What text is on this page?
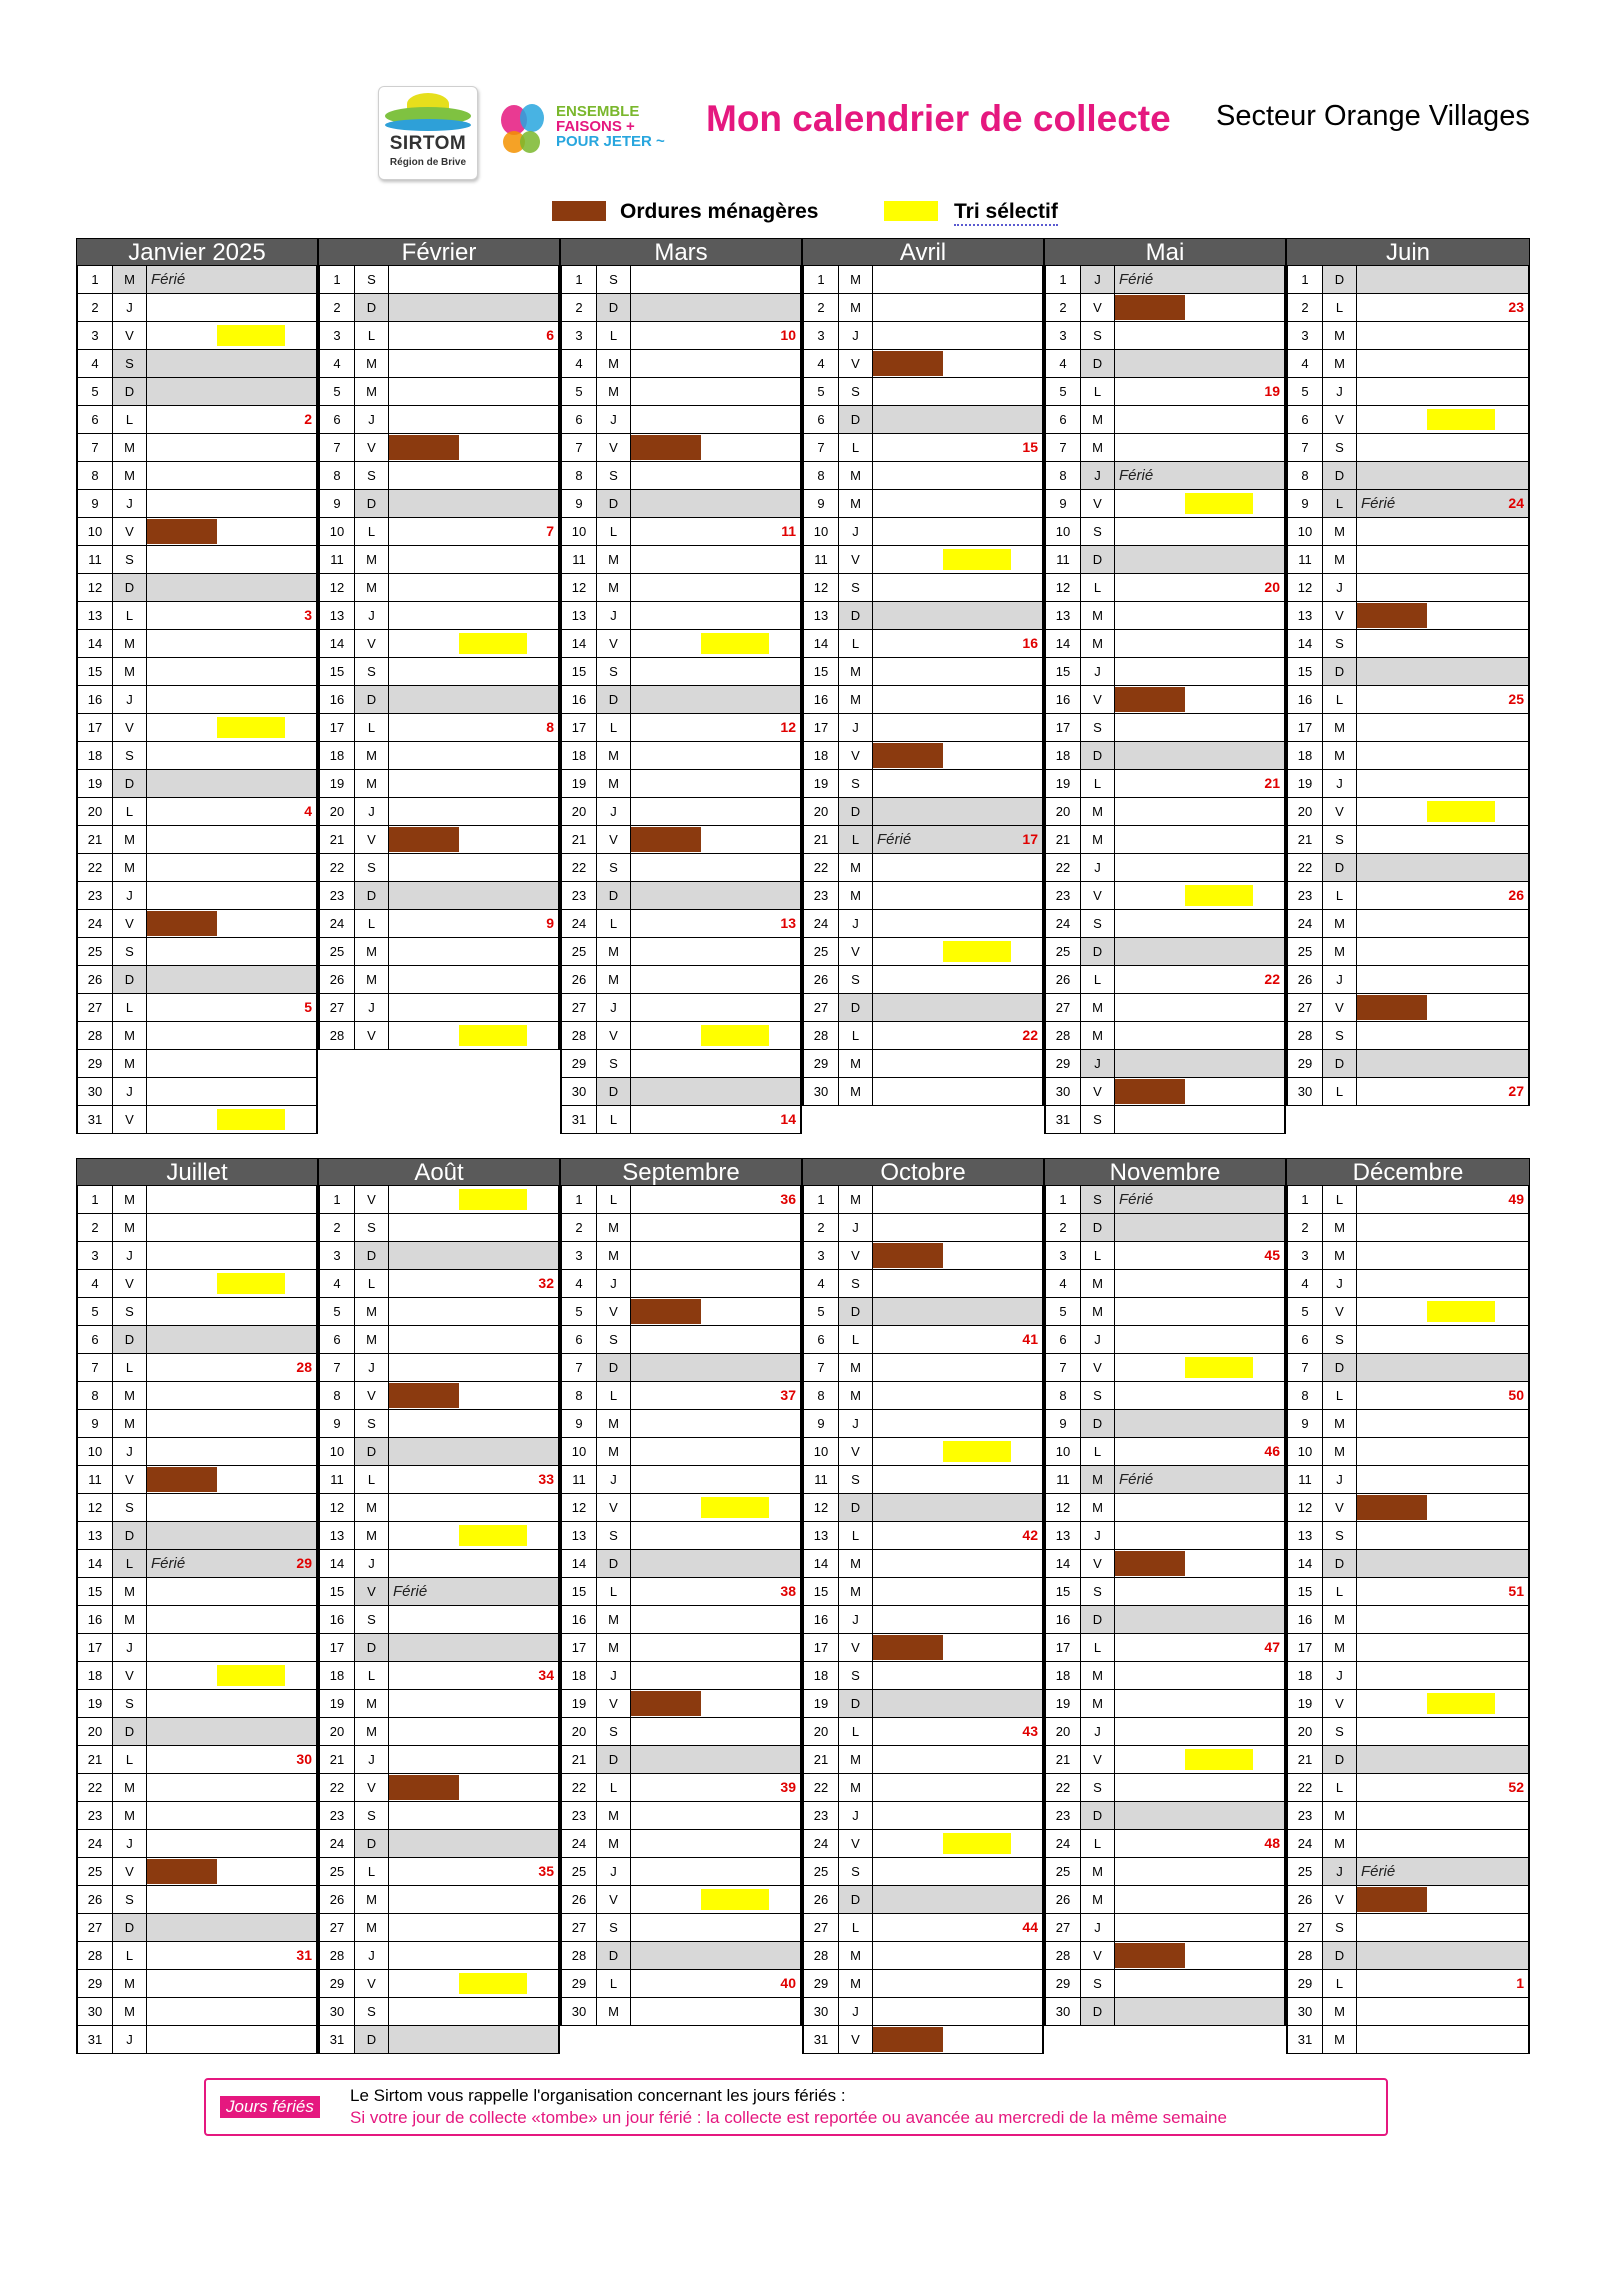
SIRTOM
Région de Brive
ENSEMBLE
FAISONS +
POUR JETER ~
Mon calendrier de collecte Secteur Orange Villages
Ordures ménagères	Tri sélectif
Janvier 2025	Février	Mars	Avril	Mai	Juin
1	M	Férié
2	J
3	V
4	S
5	D
6	L	2
7	M
8	M
9	J
10	V
11	S
12	D
13	L	3
14	M
15	M
16	J
17	V
18	S
19	D
20	L	4
21	M
22	M
23	J
24	V
25	S
26	D
27	L	5
28	M
29	M
30	J
31	V
1	S
2	D
3	L	6
4	M
5	M
6	J
7	V
8	S
9	D
10	L	7
11	M
12	M
13	J
14	V
15	S
16	D
17	L	8
18	M
19	M
20	J
21	V
22	S
23	D
24	L	9
25	M
26	M
27	J
28	V
1	S
2	D
3	L	10
4	M
5	M
6	J
7	V
8	S
9	D
10	L	11
11	M
12	M
13	J
14	V
15	S
16	D
17	L	12
18	M
19	M
20	J
21	V
22	S
23	D
24	L	13
25	M
26	M
27	J
28	V
29	S
30	D
31	L	14
1	M
2	M
3	J
4	V
5	S
6	D
7	L	15
8	M
9	M
10	J
11	V
12	S
13	D
14	L	16
15	M
16	M
17	J
18	V
19	S
20	D
21	L	Férié	17
22	M
23	M
24	J
25	V
26	S
27	D
28	L	22
29	M
30	M
1	J	Férié
2	V
3	S
4	D
5	L	19
6	M
7	M
8	J	Férié
9	V
10	S
11	D
12	L	20
13	M
14	M
15	J
16	V
17	S
18	D
19	L	21
20	M
21	M
22	J
23	V
24	S
25	D
26	L	22
27	M
28	M
29	J
30	V
31	S
1	D
2	L	23
3	M
4	M
5	J
6	V
7	S
8	D
9	L	Férié	24
10	M
11	M
12	J
13	V
14	S
15	D
16	L	25
17	M
18	M
19	J
20	V
21	S
22	D
23	L	26
24	M
25	M
26	J
27	V
28	S
29	D
30	L	27
Juillet	Août	Septembre	Octobre	Novembre	Décembre
1	M
2	M
3	J
4	V
5	S
6	D
7	L	28
8	M
9	M
10	J
11	V
12	S
13	D
14	L	Férié	29
15	M
16	M
17	J
18	V
19	S
20	D
21	L	30
22	M
23	M
24	J
25	V
26	S
27	D
28	L	31
29	M
30	M
31	J
1	V
2	S
3	D
4	L	32
5	M
6	M
7	J
8	V
9	S
10	D
11	L	33
12	M
13	M
14	J
15	V	Férié
16	S
17	D
18	L	34
19	M
20	M
21	J
22	V
23	S
24	D
25	L	35
26	M
27	M
28	J
29	V
30	S
31	D
1	L	36
2	M
3	M
4	J
5	V
6	S
7	D
8	L	37
9	M
10	M
11	J
12	V
13	S
14	D
15	L	38
16	M
17	M
18	J
19	V
20	S
21	D
22	L	39
23	M
24	M
25	J
26	V
27	S
28	D
29	L	40
30	M
1	M
2	J
3	V
4	S
5	D
6	L	41
7	M
8	M
9	J
10	V
11	S
12	D
13	L	42
14	M
15	M
16	J
17	V
18	S
19	D
20	L	43
21	M
22	M
23	J
24	V
25	S
26	D
27	L	44
28	M
29	M
30	J
31	V
1	S	Férié
2	D
3	L	45
4	M
5	M
6	J
7	V
8	S
9	D
10	L	46
11	M	Férié
12	M
13	J
14	V
15	S
16	D
17	L	47
18	M
19	M
20	J
21	V
22	S
23	D
24	L	48
25	M
26	M
27	J
28	V
29	S
30	D
1	L	49
2	M
3	M
4	J
5	V
6	S
7	D
8	L	50
9	M
10	M
11	J
12	V
13	S
14	D
15	L	51
16	M
17	M
18	J
19	V
20	S
21	D
22	L	52
23	M
24	M
25	J	Férié
26	V
27	S
28	D
29	L	1
30	M
31	M
Jours fériés
Le Sirtom vous rappelle l'organisation concernant les jours fériés :
Si votre jour de collecte «tombe» un jour férié : la collecte est reportée ou avancée au mercredi de la même semaine
